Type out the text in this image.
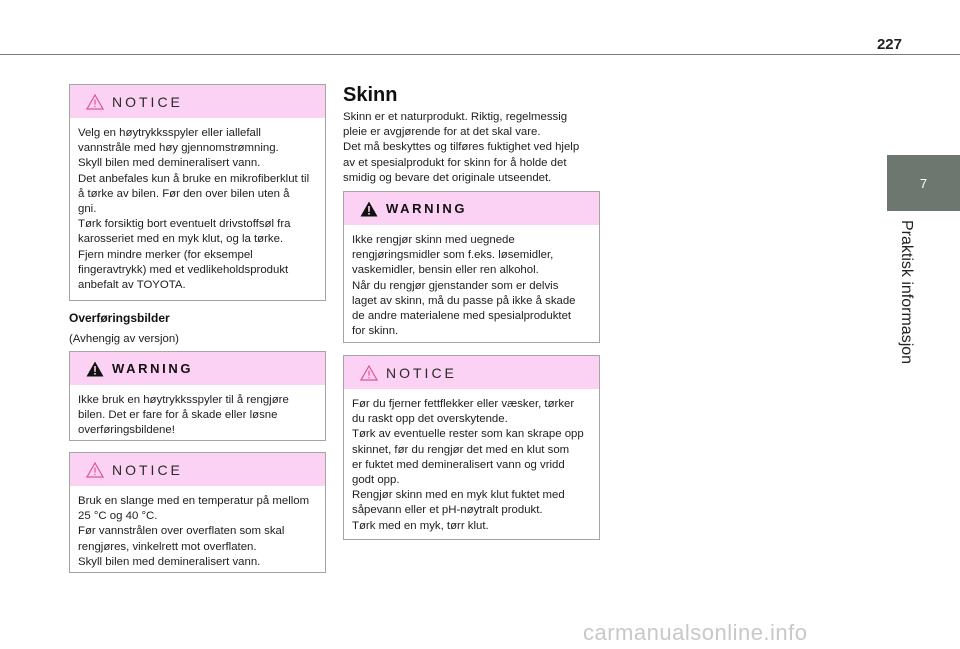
227
7
Praktisk informasjon
NOTICE

Velg en høytrykksspyler eller iallefall

vannstråle med høy gjennomstrømning.

Skyll bilen med demineralisert vann.

Det anbefales kun å bruke en mikrofiberklut til

å tørke av bilen. Før den over bilen uten å

gni.

Tørk forsiktig bort eventuelt drivstoffsøl fra

karosseriet med en myk klut, og la tørke.

Fjern mindre merker (for eksempel

fingeravtrykk) med et vedlikeholdsprodukt

anbefalt av TOYOTA.

Overføringsbilder
(Avhengig av versjon)
WARNING

Ikke bruk en høytrykksspyler til å rengjøre

bilen. Det er fare for å skade eller løsne

overføringsbildene!

NOTICE

Bruk en slange med en temperatur på mellom

25 °C og 40 °C.

Før vannstrålen over overflaten som skal

rengjøres, vinkelrett mot overflaten.

Skyll bilen med demineralisert vann.

Skinn

Skinn er et naturprodukt. Riktig, regelmessig

pleie er avgjørende for at det skal vare.

Det må beskyttes og tilføres fuktighet ved hjelp

av et spesialprodukt for skinn for å holde det

smidig og bevare det originale utseendet.

WARNING

Ikke rengjør skinn med uegnede

rengjøringsmidler som f.eks. løsemidler,

vaskemidler, bensin eller ren alkohol.

Når du rengjør gjenstander som er delvis

laget av skinn, må du passe på ikke å skade

de andre materialene med spesialproduktet

for skinn.

NOTICE

Før du fjerner fettflekker eller væsker, tørker

du raskt opp det overskytende.

Tørk av eventuelle rester som kan skrape opp

skinnet, før du rengjør det med en klut som

er fuktet med demineralisert vann og vridd

godt opp.

Rengjør skinn med en myk klut fuktet med

såpevann eller et pH-nøytralt produkt.

Tørk med en myk, tørr klut.

carmanualsonline.info
